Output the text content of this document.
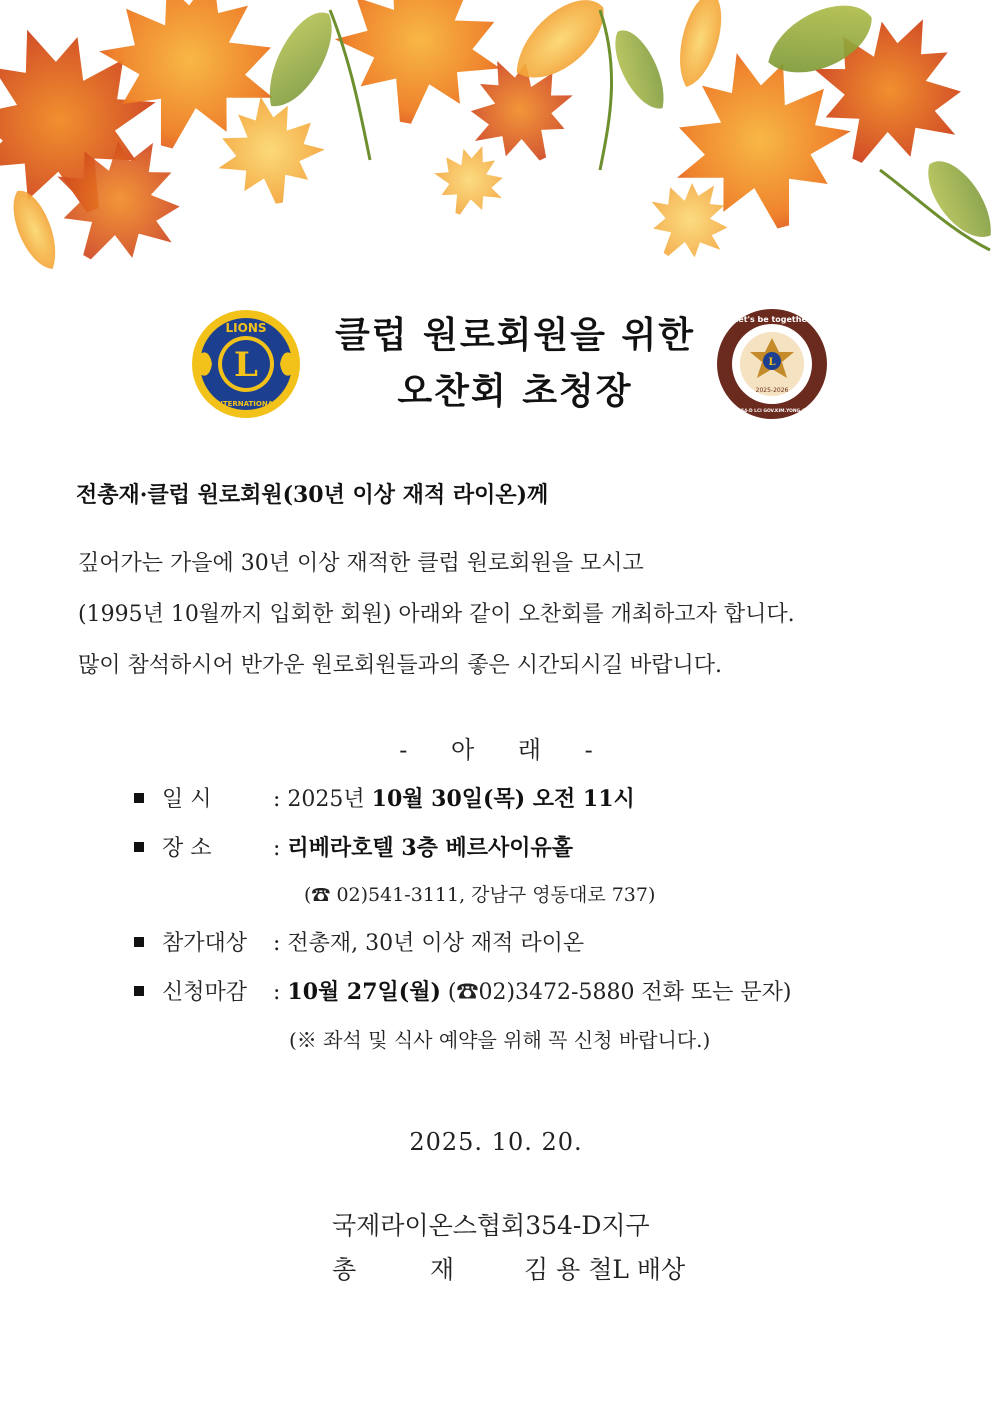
L
LIONS
INTERNATIONAL
클럽 원로회원을 위한
오찬회 초청장
L
Let's be together
2025-2026
DIST.354-D LCI GOV.KIM.YONG-CHEOL
전총재·클럽 원로회원(30년 이상 재적 라이온)께
깊어가는 가을에 30년 이상 재적한 클럽 원로회원을 모시고
(1995년 10월까지 입회한 회원) 아래와 같이 오찬회를 개최하고자 합니다.
많이 참석하시어 반가운 원로회원들과의 좋은 시간되시길 바랍니다.
- 아 래 -
일 시 : 2025년 10월 30일(목) 오전 11시
장 소 : 리베라호텔 3층 베르사이유홀
(☎ 02)541-3111, 강남구 영동대로 737)
참가대상 : 전총재, 30년 이상 재적 라이온
신청마감 : 10월 27일(월) (☎02)3472-5880 전화 또는 문자)
(※ 좌석 및 식사 예약을 위해 꼭 신청 바랍니다.)
2025. 10. 20.
국제라이온스협회354-D지구
총	재	김 용 철L 배상
